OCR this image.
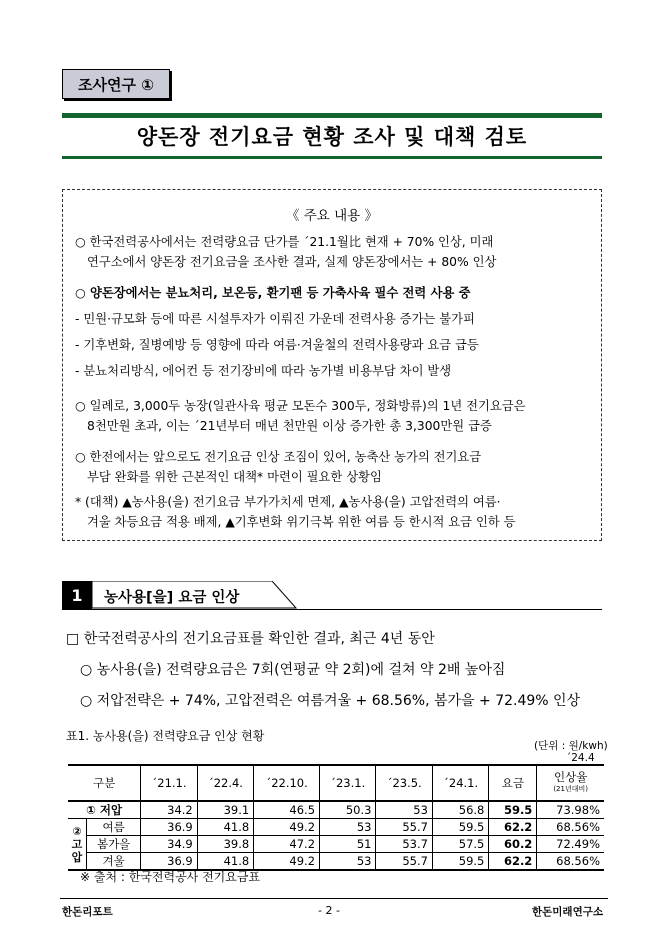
조사연구 ①
양돈장 전기요금 현황 조사 및 대책 검토
《 주요 내용 》
○ 한국전력공사에서는 전력량요금 단가를 ´21.1월比 현재 + 70% 인상, 미래
연구소에서 양돈장 전기요금을 조사한 결과, 실제 양돈장에서는 + 80% 인상
○ 양돈장에서는 분뇨처리, 보온등, 환기팬 등 가축사육 필수 전력 사용 중
- 민원·규모화 등에 따른 시설투자가 이뤄진 가운데 전력사용 증가는 불가피
- 기후변화, 질병예방 등 영향에 따라 여름·겨울철의 전력사용량과 요금 급등
- 분뇨처리방식, 에어컨 등 전기장비에 따라 농가별 비용부담 차이 발생
○ 일례로, 3,000두 농장(일관사육 평균 모돈수 300두, 정화방류)의 1년 전기요금은
8천만원 초과, 이는 ´21년부터 매년 천만원 이상 증가한 총 3,300만원 급증
○ 한전에서는 앞으로도 전기요금 인상 조짐이 있어, 농축산 농가의 전기요금
부담 완화를 위한 근본적인 대책* 마련이 필요한 상황임
* (대책) ▲농사용(을) 전기요금 부가가치세 면제, ▲농사용(을) 고압전력의 여름·
겨울 차등요금 적용 배제, ▲기후변화 위기극복 위한 여름 등 한시적 요금 인하 등
1	농사용[을] 요금 인상
□ 한국전력공사의 전기요금표를 확인한 결과, 최근 4년 동안
○ 농사용(을) 전력량요금은 7회(연평균 약 2회)에 걸쳐 약 2배 높아짐
○ 저압전략은 + 74%, 고압전력은 여름겨울 + 68.56%, 봄가을 + 72.49% 인상
표1. 농사용(을) 전력량요금 인상 현황
(단위 : 원/kwh)
´24.4
구분		´21.1.	´22.4.	´22.10.	´23.1.	´23.5.	´24.1.	요금	인상율
(21년대비)

① 저압		34.2	39.1	46.5	50.3	53	56.8	59.5	73.98%
② 고압	여름	36.9	41.8	49.2	53	55.7	59.5	62.2	68.56%
	봄가을	34.9	39.8	47.2	51	53.7	57.5	60.2	72.49%
	겨울	36.9	41.8	49.2	53	55.7	59.5	62.2	68.56%
※ 출처 : 한국전력공사 전기요금표
한돈리포트	- 2 -	한돈미래연구소
